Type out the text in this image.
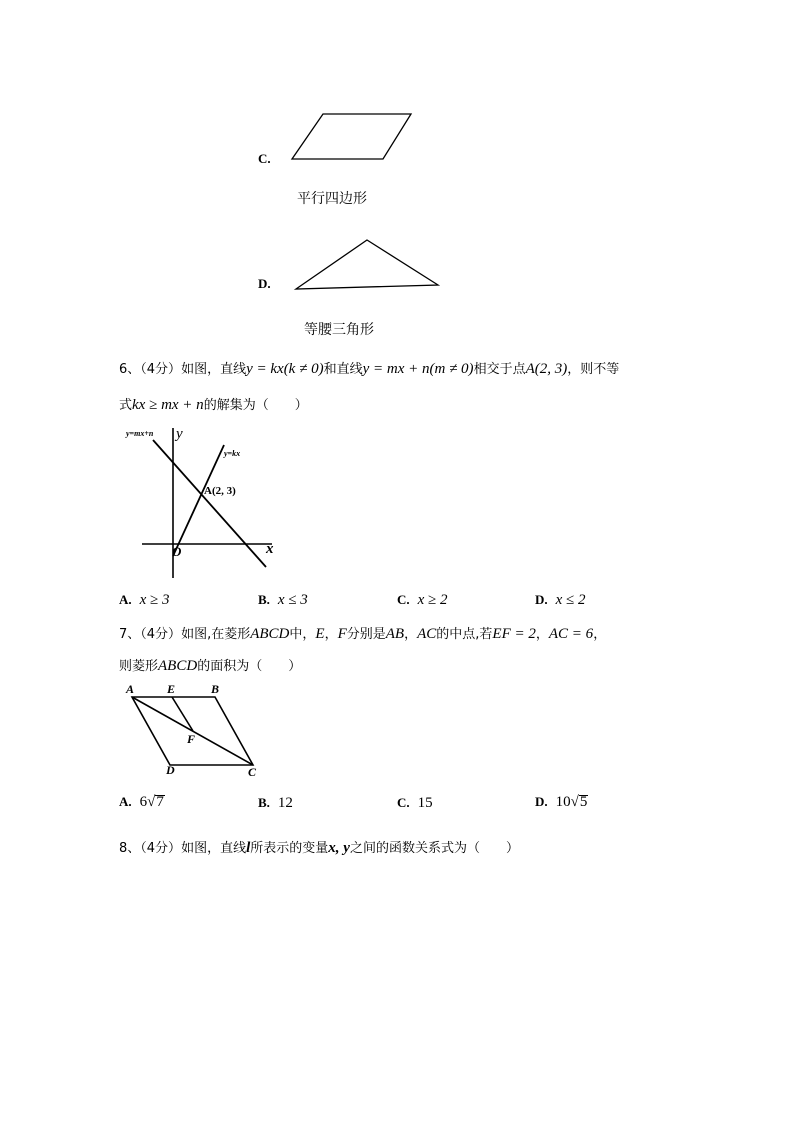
C.
平行四边形
D.
等腰三角形
6、（4分）如图，直线y = kx(k ≠ 0)和直线y = mx + n(m ≠ 0)相交于点A(2, 3)，则不等
式kx ≥ mx + n的解集为（　　）
y=mx+n
y=kx
A(2, 3)
y
x
O
A. x ≥ 3	B. x ≤ 3	C. x ≥ 2	D. x ≤ 2
7、（4分）如图,在菱形ABCD中，E，F分别是AB，AC的中点,若EF = 2，AC = 6，
则菱形ABCD的面积为（　　）
A	E	B
F
D	C
A. 6√7	B. 12	C. 15	D. 10√5
8、（4分）如图，直线l所表示的变量x, y之间的函数关系式为（　　）
